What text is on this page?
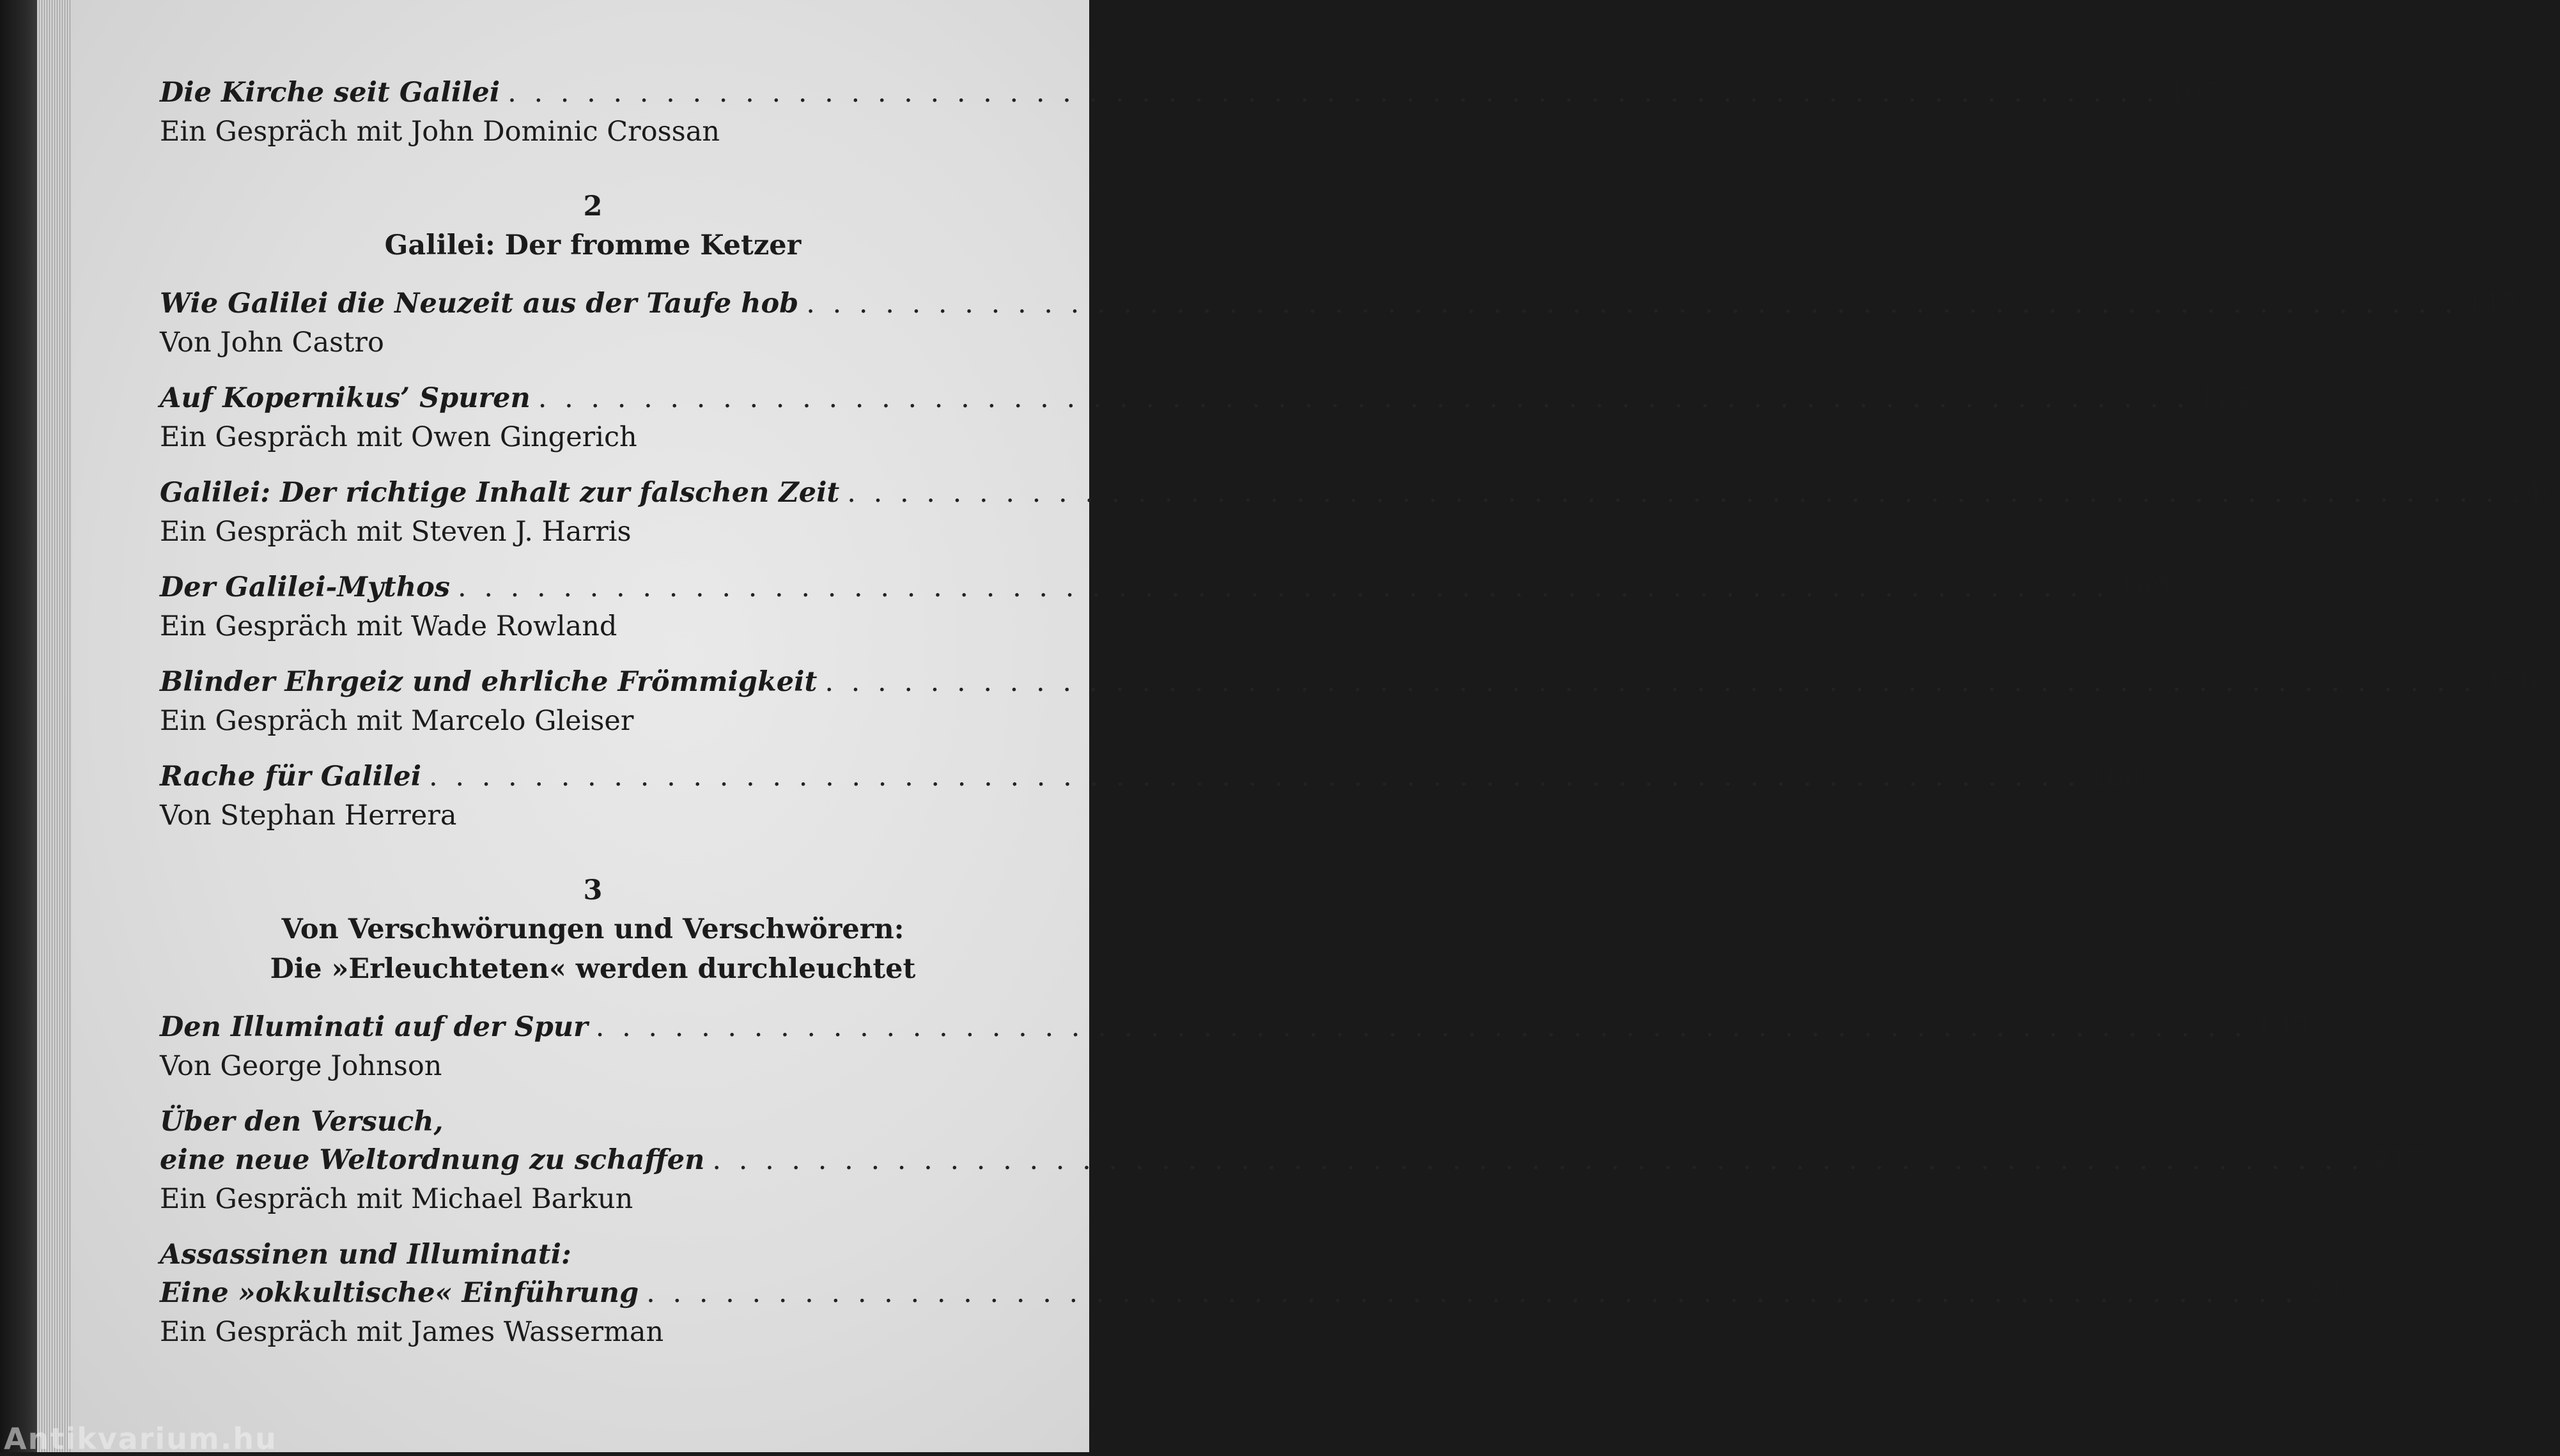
Die Kirche seit Galilei . . . . . . . . . . . . . . . . . . . . . . . . . . . . . . . . . . . . . . . . . . . . . . . . . . . . . . . . . . . . . . . 105
Ein Gespräch mit John Dominic Crossan
2
Galilei: Der fromme Ketzer
Wie Galilei die Neuzeit aus der Taufe hob . . . . . . . . . . . . . . . . . . . . . . . . . . . . . . . . . . . . . . . . . . . . . . . . . . . . . . . . . . . . . . . 117
Von John Castro
Auf Kopernikus’ Spuren . . . . . . . . . . . . . . . . . . . . . . . . . . . . . . . . . . . . . . . . . . . . . . . . . . . . . . . . . . . . . . . 125
Ein Gespräch mit Owen Gingerich
Galilei: Der richtige Inhalt zur falschen Zeit . . . . . . . . . . . . . . . . . . . . . . . . . . . . . . . . . . . . . . . . . . . . . . . . . . . . . . . . . . . . . . . 140
Ein Gespräch mit Steven J. Harris
Der Galilei-Mythos . . . . . . . . . . . . . . . . . . . . . . . . . . . . . . . . . . . . . . . . . . . . . . . . . . . . . . . . . . . . . . . 160
Ein Gespräch mit Wade Rowland
Blinder Ehrgeiz und ehrliche Frömmigkeit . . . . . . . . . . . . . . . . . . . . . . . . . . . . . . . . . . . . . . . . . . . . . . . . . . . . . . . . . . . . . . . 176
Ein Gespräch mit Marcelo Gleiser
Rache für Galilei . . . . . . . . . . . . . . . . . . . . . . . . . . . . . . . . . . . . . . . . . . . . . . . . . . . . . . . . . . . . . . . 188
Von Stephan Herrera
3
Von Verschwörungen und Verschwörern:
Die »Erleuchteten« werden durchleuchtet
Den Illuminati auf der Spur . . . . . . . . . . . . . . . . . . . . . . . . . . . . . . . . . . . . . . . . . . . . . . . . . . . . . . . . . . . . . . . 199
Von George Johnson
Über den Versuch,
eine neue Weltordnung zu schaffen . . . . . . . . . . . . . . . . . . . . . . . . . . . . . . . . . . . . . . . . . . . . . . . . . . . . . . . . . . . . . . . 217
Ein Gespräch mit Michael Barkun
Assassinen und Illuminati:
Eine »okkultische« Einführung . . . . . . . . . . . . . . . . . . . . . . . . . . . . . . . . . . . . . . . . . . . . . . . . . . . . . . . . . . . . . . . 233
Ein Gespräch mit James Wasserman
Antikvarium.hu
